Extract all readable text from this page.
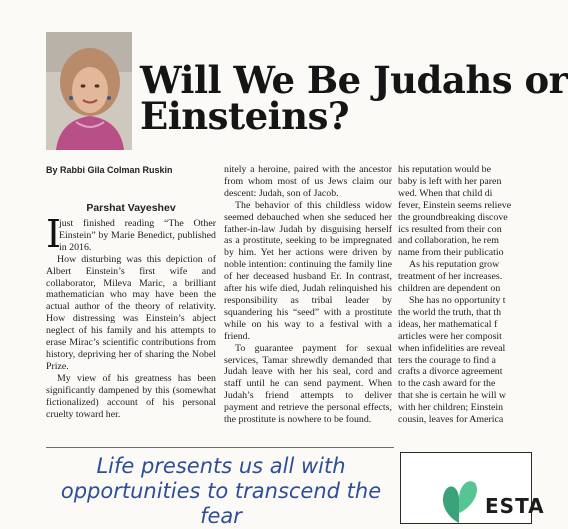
Will We Be Judahs or
Einsteins?
By Rabbi Gila Colman Ruskin
Parshat Vayeshev

I
just finished reading “The Other Einstein” by Marie Benedict, published in 2016.

How disturbing was this depiction of Albert Einstein’s first wife and collaborator, Mileva Maric, a brilliant mathematician who may have been the actual author of the theory of relativity. How distressing was Einstein’s abject neglect of his family and his attempts to erase Mirac’s scientific contributions from history, depriving her of sharing the Nobel Prize.

My view of his greatness has been significantly dampened by this (somewhat fictionalized) account of his personal cruelty toward her.

nitely a heroine, paired with the ancestor from whom most of us Jews claim our descent: Judah, son of Jacob.

The behavior of this childless widow seemed debauched when she seduced her father-in-law Judah by disguising herself as a prostitute, seeking to be impregnated by him. Yet her actions were driven by noble intention: continuing the family line of her deceased husband Er. In contrast, after his wife died, Judah relinquished his responsibility as tribal leader by squandering his “seed” with a prostitute while on his way to a festival with a friend.

To guarantee payment for sexual services, Tamar shrewdly demanded that Judah leave with her his seal, cord and staff until he can send payment. When Judah’s friend attempts to deliver payment and retrieve the personal effects, the prostitute is nowhere to be found.

his reputation would be

baby is left with her paren

wed. When that child di

fever, Einstein seems relieve

the groundbreaking discove

ics resulted from their con

and collaboration, he rem

name from their publicatio

As his reputation grow

treatment of her increases.

children are dependent on

She has no opportunity t

the world the truth, that th

ideas, her mathematical f

articles were her composit

when infidelities are reveal

ters the courage to find a

crafts a divorce agreement

to the cash award for the

that she is certain he will w

with her children; Einstein

cousin, leaves for America

Life presents us all with
opportunities to transcend the fear	ESTA
